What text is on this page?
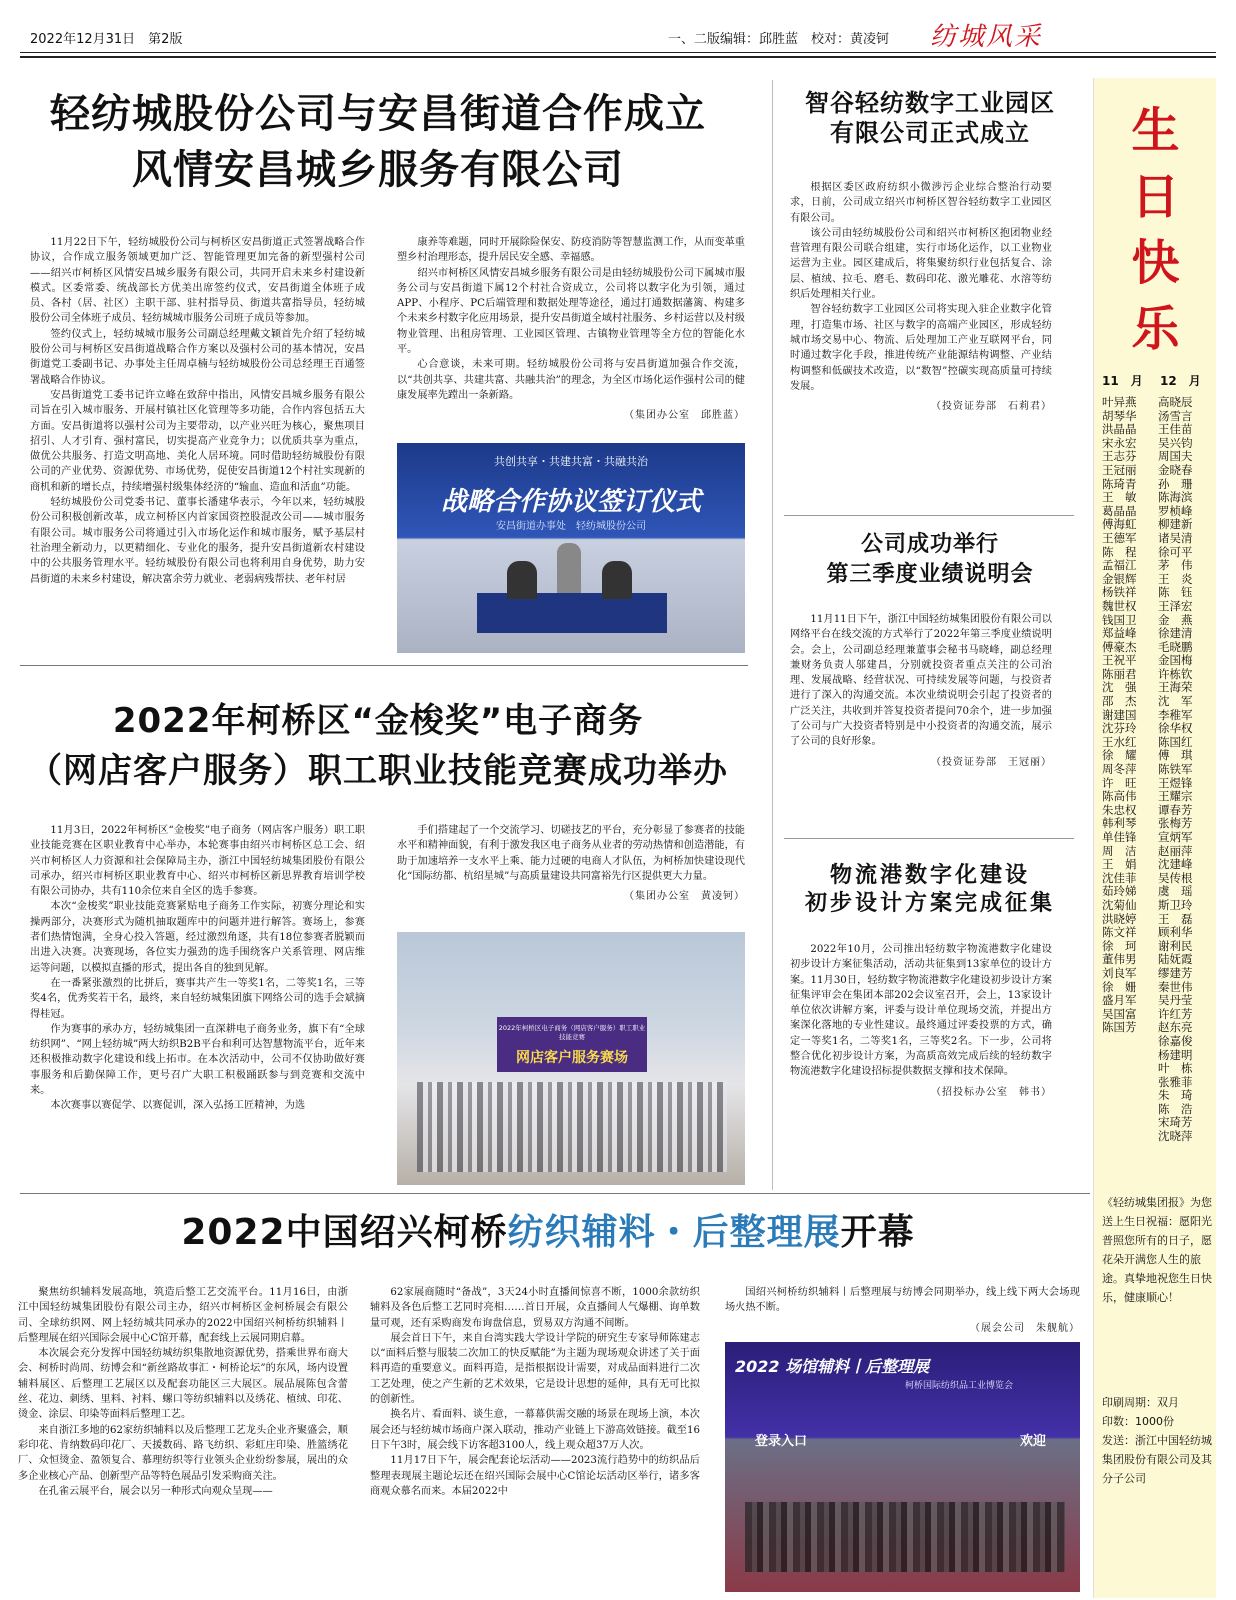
2022年12月31日　第2版	一、二版编辑：邱胜蓝　校对：黄凌钶 纺城风采
轻纺城股份公司与安昌街道合作成立
风情安昌城乡服务有限公司

11月22日下午，轻纺城股份公司与柯桥区安昌街道正式签署战略合作协议，合作成立服务领域更加广泛、智能管理更加完备的新型强村公司——绍兴市柯桥区风情安昌城乡服务有限公司，共同开启未来乡村建设新模式。区委常委、统战部长方优美出席签约仪式，安昌街道全体班子成员、各村（居、社区）主职干部、驻村指导员、街道共富指导员，轻纺城股份公司全体班子成员、轻纺城城市服务公司班子成员等参加。

签约仪式上，轻纺城城市服务公司副总经理戴文颖首先介绍了轻纺城股份公司与柯桥区安昌街道战略合作方案以及强村公司的基本情况，安昌街道党工委副书记、办事处主任周卓楠与轻纺城股份公司总经理王百通签署战略合作协议。

安昌街道党工委书记许立峰在致辞中指出，风情安昌城乡服务有限公司旨在引入城市服务、开展村镇社区化管理等多功能，合作内容包括五大方面。安昌街道将以强村公司为主要带动，以产业兴旺为核心，聚焦项目招引、人才引育、强村富民，切实提高产业竞争力；以优质共享为重点，做优公共服务、打造文明高地、美化人居环境。同时借助轻纺城股份有限公司的产业优势、资源优势、市场优势，促使安昌街道12个村社实现新的商机和新的增长点，持续增强村级集体经济的“输血、造血和活血”功能。

轻纺城股份公司党委书记、董事长潘建华表示，今年以来，轻纺城股份公司积极创新改革，成立柯桥区内首家国资控股混改公司——城市服务有限公司。城市服务公司将通过引入市场化运作和城市服务，赋予基层村社治理全新动力，以更精细化、专业化的服务，提升安昌街道新农村建设中的公共服务管理水平。轻纺城股份有限公司也将利用自身优势，助力安昌街道的未来乡村建设，解决富余劳力就业、老弱病残帮扶、老年村居

康养等难题，同时开展除险保安、防疫消防等智慧监测工作，从而变革重塑乡村治理形态，提升居民安全感、幸福感。

绍兴市柯桥区风情安昌城乡服务有限公司是由轻纺城股份公司下属城市服务公司与安昌街道下属12个村社合资成立，公司将以数字化为引领，通过APP、小程序、PC后端管理和数据处理等途径，通过打通数据藩篱、构建多个未来乡村数字化应用场景，提升安昌街道全域村社服务、乡村运营以及村级物业管理、出租房管理、工业园区管理、古镇物业管理等全方位的智能化水平。

心合意谈，未来可期。轻纺城股份公司将与安昌街道加强合作交流，以“共创共享、共建共富、共融共治”的理念，为全区市场化运作强村公司的健康发展率先蹚出一条新路。

（集团办公室　邱胜蓝）
共创共享・共建共富・共融共治
战略合作协议签订仪式
安昌街道办事处　轻纺城股份公司
2022年柯桥区“金梭奖”电子商务
（网店客户服务）职工职业技能竞赛成功举办

11月3日，2022年柯桥区“金梭奖”电子商务（网店客户服务）职工职业技能竞赛在区职业教育中心举办，本轮赛事由绍兴市柯桥区总工会、绍兴市柯桥区人力资源和社会保障局主办，浙江中国轻纺城集团股份有限公司承办，绍兴市柯桥区职业教育中心、绍兴市柯桥区新思界教育培训学校有限公司协办，共有110余位来自全区的选手参赛。

本次“金梭奖”职业技能竞赛紧贴电子商务工作实际，初赛分理论和实操两部分，决赛形式为随机抽取题库中的问题并进行解答。赛场上，参赛者们热情饱满，全身心投入答题，经过激烈角逐，共有18位参赛者脱颖而出进入决赛。决赛现场，各位实力强劲的选手围绕客户关系管理、网店维运等问题，以模拟直播的形式，提出各自的独到见解。

在一番紧张激烈的比拼后，赛事共产生一等奖1名，二等奖1名，三等奖4名，优秀奖若干名，最终，来自轻纺城集团旗下网络公司的选手会斌摘得桂冠。

作为赛事的承办方，轻纺城集团一直深耕电子商务业务，旗下有“全球纺织网”、“网上轻纺城”两大纺织B2B平台和利可达智慧物流平台，近年来还积极推动数字化建设和线上拓市。在本次活动中，公司不仅协助做好赛事服务和后勤保障工作，更号召广大职工积极踊跃参与到竞赛和交流中来。

本次赛事以赛促学、以赛促训，深入弘扬工匠精神，为选

手们搭建起了一个交流学习、切磋技艺的平台，充分彰显了参赛者的技能水平和精神面貌，有利于激发我区电子商务从业者的劳动热情和创造潜能，有助于加速培养一支水平上乘、能力过硬的电商人才队伍，为柯桥加快建设现代化“国际纺都、杭绍星城”与高质量建设共同富裕先行区提供更大力量。

（集团办公室　黄凌钶）
2022年柯桥区电子商务（网店客户服务）职工职业技能竞赛
网店客户服务赛场
2022中国绍兴柯桥纺织辅料・后整理展开幕

聚焦纺织辅料发展高地，筑造后整工艺交流平台。11月16日，由浙江中国轻纺城集团股份有限公司主办，绍兴市柯桥区金柯桥展会有限公司、全球纺织网、网上轻纺城共同承办的2022中国绍兴柯桥纺织辅料丨后整理展在绍兴国际会展中心C馆开幕，配套线上云展同期启幕。

本次展会充分发挥中国轻纺城纺织集散地资源优势，搭乘世界布商大会、柯桥时尚周、纺博会和“新丝路故事汇・柯桥论坛”的东风，场内设置辅料展区、后整理工艺展区以及配套功能区三大展区。展品展陈包含蕾丝、花边、刺绣、里料、衬料、螺口等纺织辅料以及绣花、植绒、印花、烫金、涂层、印染等面料后整理工艺。

来自浙江多地的62家纺织辅料以及后整理工艺龙头企业齐聚盛会，顺彩印花、肯纳数码印花厂、天援数码、路飞纺织、彩虹庄印染、胜篮绣花厂、众恒烫金、盈领复合、慕理纺织等行业领头企业纷纷参展，展出的众多企业核心产品、创新型产品等特色展品引发采购商关注。

在孔雀云展平台，展会以另一种形式向观众呈现——

62家展商随时“备战”，3天24小时直播间惊喜不断，1000余款纺织辅料及各色后整工艺同时亮相……首日开展，众直播间人气爆棚、询单数量可观，还有采购商发布询盘信息，贸易双方沟通不间断。

展会首日下午，来自台湾实践大学设计学院的研究生专家导师陈建志以“面料后整与服装二次加工的快反赋能”为主题为现场观众讲述了关于面料再造的重要意义。面料再造，是指根据设计需要，对成品面料进行二次工艺处理，使之产生新的艺术效果，它是设计思想的延伸，具有无可比拟的创新性。

换名片、看面料、谈生意，一幕幕供需交融的场景在现场上演，本次展会还与轻纺城市场商户深入联动，推动产业链上下游高效链接。截至16日下午3时，展会线下访客超3100人，线上观众超37万人次。

11月17日下午，展会配套论坛活动——2023流行趋势中的纺织品后整理表现展主题论坛还在绍兴国际会展中心C馆论坛活动区举行，诸多客商观众慕名而来。本届2022中

国绍兴柯桥纺织辅料丨后整理展与纺博会同期举办，线上线下两大会场现场火热不断。

（展会公司　朱舰航）
2022 场馆辅料丨后整理展
柯桥国际纺织品工业博览会
登录入口	欢迎
智谷轻纺数字工业园区
有限公司正式成立

根据区委区政府纺织小微涉污企业综合整治行动要求，日前，公司成立绍兴市柯桥区智谷轻纺数字工业园区有限公司。

该公司由轻纺城股份公司和绍兴市柯桥区抱团物业经营管理有限公司联合组建，实行市场化运作，以工业物业运营为主业。园区建成后，将集聚纺织行业包括复合、涂层、植绒、拉毛、磨毛、数码印花、激光雕花、水溶等纺织后处理相关行业。

智谷轻纺数字工业园区公司将实现入驻企业数字化管理，打造集市场、社区与数字的高端产业园区，形成轻纺城市场交易中心、物流、后处理加工产业互联网平台，同时通过数字化手段，推进传统产业能源结构调整、产业结构调整和低碳技术改造，以“数智”控碳实现高质量可持续发展。

（投资证券部　石莉君）
公司成功举行
第三季度业绩说明会

11月11日下午，浙江中国轻纺城集团股份有限公司以网络平台在线交流的方式举行了2022年第三季度业绩说明会。会上，公司副总经理兼董事会秘书马晓峰，副总经理兼财务负责人邬建昌，分别就投资者重点关注的公司治理、发展战略、经营状况、可持续发展等问题，与投资者进行了深入的沟通交流。本次业绩说明会引起了投资者的广泛关注，共收到并答复投资者提问70余个，进一步加强了公司与广大投资者特别是中小投资者的沟通交流，展示了公司的良好形象。

（投资证券部　王冠丽）
物流港数字化建设
初步设计方案完成征集

2022年10月，公司推出轻纺数字物流港数字化建设初步设计方案征集活动，活动共征集到13家单位的设计方案。11月30日，轻纺数字物流港数字化建设初步设计方案征集评审会在集团本部202会议室召开，会上，13家设计单位依次讲解方案，评委与设计单位现场交流，并提出方案深化落地的专业性建议。最终通过评委投票的方式，确定一等奖1名，二等奖1名，三等奖2名。下一步，公司将整合优化初步设计方案，为高质高效完成后续的轻纺数字物流港数字化建设招标提供数据支撑和技术保障。

（招投标办公室　韩书）
生
日
快
乐
11　月 12　月
叶异燕
胡琴华
洪晶晶
宋永宏
王志芬
王冠丽
陈琦青
王　敏
葛晶晶
傅海虹
王德军
陈　程
孟福江
金银辉
杨铁祥
魏世权
钱国卫
郑益峰
傅豪杰
王祝平
陈丽君
沈　强
邵　杰
谢建国
沈芬玲
王水红
徐　耀
周冬萍
许　旺
陈高伟
朱忠权
韩利琴
单佳锋
周　洁
王　娟
沈佳菲
茹玲娣
沈菊仙
洪晓婷
陈文祥
徐　珂
董伟男
刘良军
徐　姗
盛月军
吴国富
陈国芳
高晓辰
汤雪言
王佳苗
吴兴钧
周国夫
金晓春
孙　珊
陈海滨
罗桢峰
柳建新
诸吴清
徐可平
茅　伟
王　炎
陈　钰
王泽宏
金　燕
徐建清
毛晓鹏
金国梅
许栋钦
王海荣
沈　军
李稚军
徐华权
陈国红
傅　琪
陈铁军
王煜锋
王耀宗
谭春芳
张梅芳
宣炳军
赵丽萍
沈建峰
吴传根
虞　瑶
斯卫玲
王　磊
顾利华
谢利民
陆妩霞
缪建芳
秦世伟
吴丹莹
许红芳
赵东亮
徐嘉俊
杨建明
叶　栋
张雅菲
朱　琦
陈　浩
宋琦芳
沈晓萍

《轻纺城集团报》为您送上生日祝福：愿阳光普照您所有的日子，愿花朵开满您人生的旅途。真挚地祝您生日快乐，健康顺心！

印刷周期：双月

印数：1000份

发送：浙江中国轻纺城集团股份有限公司及其分子公司
